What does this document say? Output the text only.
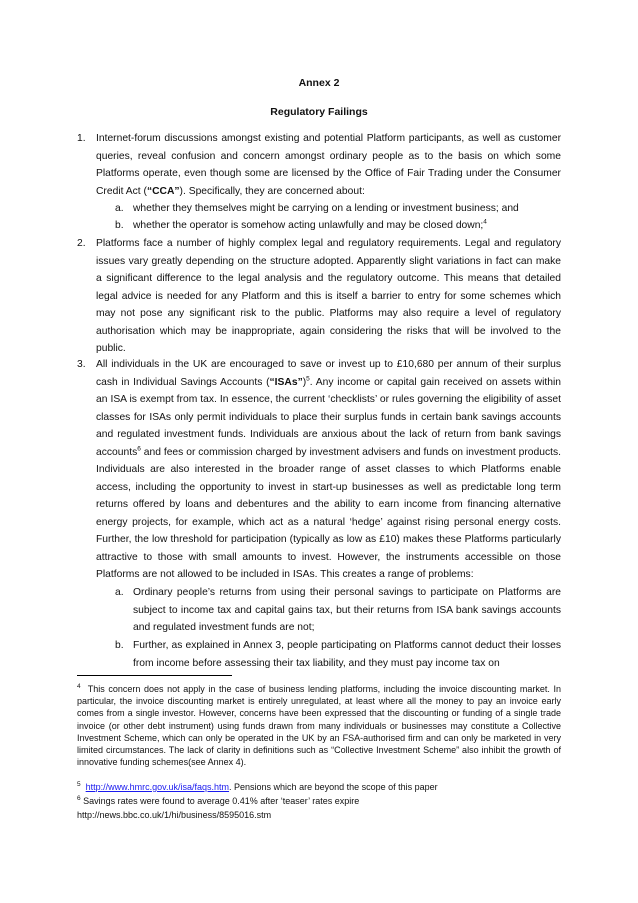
Annex 2
Regulatory Failings
1. Internet-forum discussions amongst existing and potential Platform participants, as well as customer queries, reveal confusion and concern amongst ordinary people as to the basis on which some Platforms operate, even though some are licensed by the Office of Fair Trading under the Consumer Credit Act (“CCA”). Specifically, they are concerned about:

a. whether they themselves might be carrying on a lending or investment business; and

b. whether the operator is somehow acting unlawfully and may be closed down;$^4$

2. Platforms face a number of highly complex legal and regulatory requirements. Legal and regulatory issues vary greatly depending on the structure adopted. Apparently slight variations in fact can make a significant difference to the legal analysis and the regulatory outcome. This means that detailed legal advice is needed for any Platform and this is itself a barrier to entry for some schemes which may not pose any significant risk to the public. Platforms may also require a level of regulatory authorisation which may be inappropriate, again considering the risks that will be involved to the public.

3. All individuals in the UK are encouraged to save or invest up to £10,680 per annum of their surplus cash in Individual Savings Accounts (“ISAs”)$^5$. Any income or capital gain received on assets within an ISA is exempt from tax. In essence, the current ‘checklists’ or rules governing the eligibility of asset classes for ISAs only permit individuals to place their surplus funds in certain bank savings accounts and regulated investment funds. Individuals are anxious about the lack of return from bank savings accounts$^6$ and fees or commission charged by investment advisers and funds on investment products. Individuals are also interested in the broader range of asset classes to which Platforms enable access, including the opportunity to invest in start-up businesses as well as predictable long term returns offered by loans and debentures and the ability to earn income from financing alternative energy projects, for example, which act as a natural ‘hedge’ against rising personal energy costs. Further, the low threshold for participation (typically as low as £10) makes these Platforms particularly attractive to those with small amounts to invest. However, the instruments accessible on those Platforms are not allowed to be included in ISAs. This creates a range of problems:

a. Ordinary people’s returns from using their personal savings to participate on Platforms are subject to income tax and capital gains tax, but their returns from ISA bank savings accounts and regulated investment funds are not;

b. Further, as explained in Annex 3, people participating on Platforms cannot deduct their losses from income before assessing their tax liability, and they must pay income tax on

$^4$ This concern does not apply in the case of business lending platforms, including the invoice discounting market. In particular, the invoice discounting market is entirely unregulated, at least where all the money to pay an invoice early comes from a single investor. However, concerns have been expressed that the discounting or funding of a single trade invoice (or other debt instrument) using funds drawn from many individuals or businesses may constitute a Collective Investment Scheme, which can only be operated in the UK by an FSA-authorised firm and can only be marketed in very limited circumstances. The lack of clarity in definitions such as “Collective Investment Scheme” also inhibit the growth of innovative funding schemes(see Annex 4).

$^5$ http://www.hmrc.gov.uk/isa/faqs.htm. Pensions which are beyond the scope of this paper

$^6$ Savings rates were found to average 0.41% after ‘teaser’ rates expire

http://news.bbc.co.uk/1/hi/business/8595016.stm
